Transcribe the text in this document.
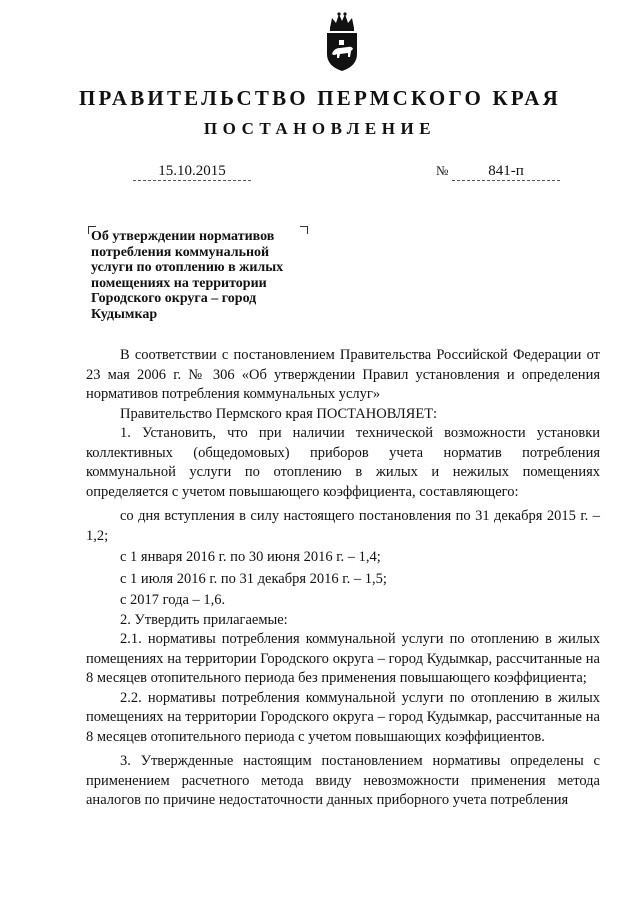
ПРАВИТЕЛЬСТВО ПЕРМСКОГО КРАЯ
ПОСТАНОВЛЕНИЕ
15.10.2015	№	841-п
Об утверждении нормативов потребления коммунальной услуги по отоплению в жилых помещениях на территории Городского округа – город Кудымкар

В соответствии с постановлением Правительства Российской Федерации от 23 мая 2006 г. № 306 «Об утверждении Правил установления и определения нормативов потребления коммунальных услуг»

Правительство Пермского края ПОСТАНОВЛЯЕТ:

1. Установить, что при наличии технической возможности установки коллективных (общедомовых) приборов учета норматив потребления коммунальной услуги по отоплению в жилых и нежилых помещениях определяется с учетом повышающего коэффициента, составляющего:

со дня вступления в силу настоящего постановления по 31 декабря 2015 г. – 1,2;

с 1 января 2016 г. по 30 июня 2016 г. – 1,4;

с 1 июля 2016 г. по 31 декабря 2016 г. – 1,5;

с 2017 года – 1,6.

2. Утвердить прилагаемые:

2.1. нормативы потребления коммунальной услуги по отоплению в жилых помещениях на территории Городского округа – город Кудымкар, рассчитанные на 8 месяцев отопительного периода без применения повышающего коэффициента;

2.2. нормативы потребления коммунальной услуги по отоплению в жилых помещениях на территории Городского округа – город Кудымкар, рассчитанные на 8 месяцев отопительного периода с учетом повышающих коэффициентов.

3. Утвержденные настоящим постановлением нормативы определены с применением расчетного метода ввиду невозможности применения метода аналогов по причине недостаточности данных приборного учета потребления
